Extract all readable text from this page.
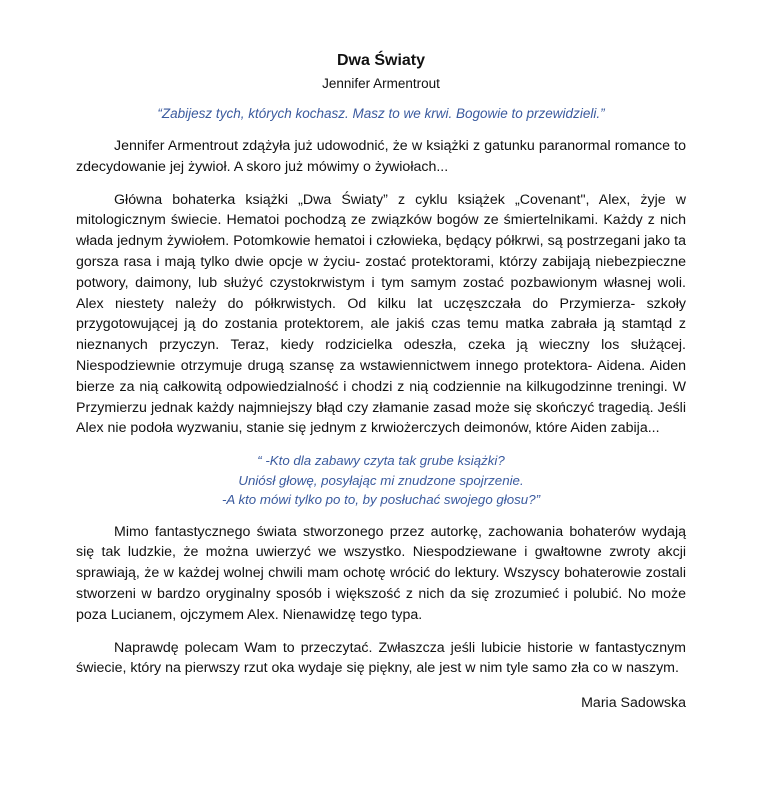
Dwa Światy

Jennifer Armentrout

“Zabijesz tych, których kochasz. Masz to we krwi. Bogowie to przewidzieli.”

Jennifer Armentrout zdążyła już udowodnić, że w książki z gatunku paranormal romance to zdecydowanie jej żywioł. A skoro już mówimy o żywiołach...

Główna bohaterka książki „Dwa Światy” z cyklu książek „Covenant", Alex, żyje w mitologicznym świecie. Hematoi pochodzą ze związków bogów ze śmiertelnikami. Każdy z nich włada jednym żywiołem. Potomkowie hematoi i człowieka, będący półkrwi, są postrzegani jako ta gorsza rasa i mają tylko dwie opcje w życiu- zostać protektorami, którzy zabijają niebezpieczne potwory, daimony, lub służyć czystokrwistym i tym samym zostać pozbawionym własnej woli. Alex niestety należy do półkrwistych. Od kilku lat uczęszczała do Przymierza- szkoły przygotowującej ją do zostania protektorem, ale jakiś czas temu matka zabrała ją stamtąd z nieznanych przyczyn. Teraz, kiedy rodzicielka odeszła, czeka ją wieczny los służącej. Niespodziewnie otrzymuje drugą szansę za wstawiennictwem innego protektora- Aidena. Aiden bierze za nią całkowitą odpowiedzialność i chodzi z nią codziennie na kilkugodzinne treningi. W Przymierzu jednak każdy najmniejszy błąd czy złamanie zasad może się skończyć tragedią. Jeśli Alex nie podoła wyzwaniu, stanie się jednym z krwiożerczych deimonów, które Aiden zabija...

“ -Kto dla zabawy czyta tak grube książki?
Uniósł głowę, posyłając mi znudzone spojrzenie.
-A kto mówi tylko po to, by posłuchać swojego głosu?”

Mimo fantastycznego świata stworzonego przez autorkę, zachowania bohaterów wydają się tak ludzkie, że można uwierzyć we wszystko. Niespodziewane i gwałtowne zwroty akcji sprawiają, że w każdej wolnej chwili mam ochotę wrócić do lektury. Wszyscy bohaterowie zostali stworzeni w bardzo oryginalny sposób i większość z nich da się zrozumieć i polubić. No może poza Lucianem, ojczymem Alex. Nienawidzę tego typa.

Naprawdę polecam Wam to przeczytać. Zwłaszcza jeśli lubicie historie w fantastycznym świecie, który na pierwszy rzut oka wydaje się piękny, ale jest w nim tyle samo zła co w naszym.

Maria Sadowska
